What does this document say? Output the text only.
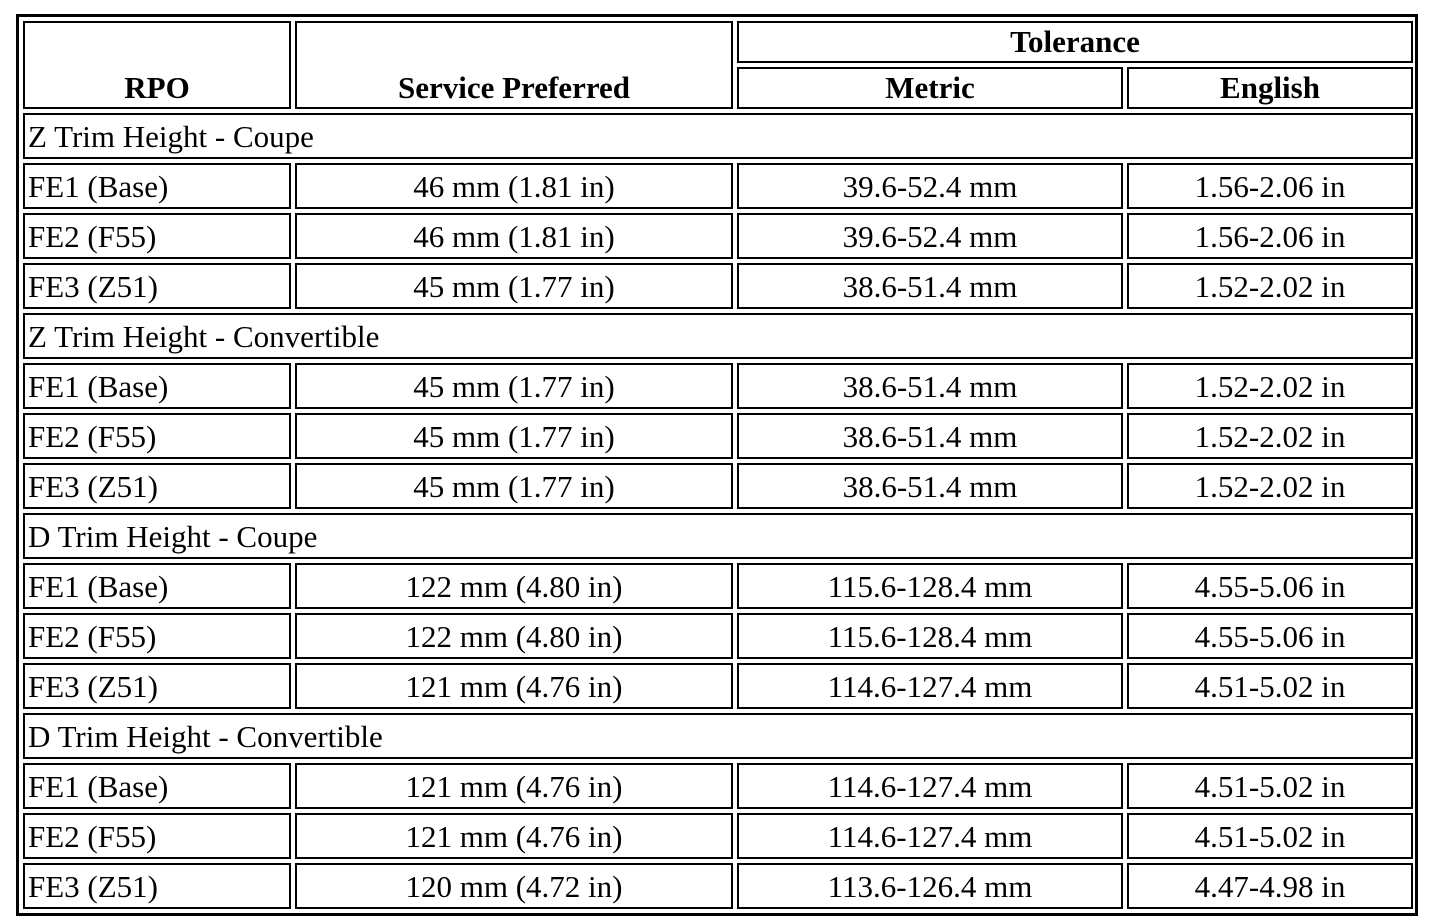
RPO	Service Preferred	Tolerance	
		Metric	English
Z Trim Height - Coupe			
FE1 (Base)	46 mm (1.81 in)	39.6-52.4 mm	1.56-2.06 in
FE2 (F55)	46 mm (1.81 in)	39.6-52.4 mm	1.56-2.06 in
FE3 (Z51)	45 mm (1.77 in)	38.6-51.4 mm	1.52-2.02 in
Z Trim Height - Convertible			
FE1 (Base)	45 mm (1.77 in)	38.6-51.4 mm	1.52-2.02 in
FE2 (F55)	45 mm (1.77 in)	38.6-51.4 mm	1.52-2.02 in
FE3 (Z51)	45 mm (1.77 in)	38.6-51.4 mm	1.52-2.02 in
D Trim Height - Coupe			
FE1 (Base)	122 mm (4.80 in)	115.6-128.4 mm	4.55-5.06 in
FE2 (F55)	122 mm (4.80 in)	115.6-128.4 mm	4.55-5.06 in
FE3 (Z51)	121 mm (4.76 in)	114.6-127.4 mm	4.51-5.02 in
D Trim Height - Convertible			
FE1 (Base)	121 mm (4.76 in)	114.6-127.4 mm	4.51-5.02 in
FE2 (F55)	121 mm (4.76 in)	114.6-127.4 mm	4.51-5.02 in
FE3 (Z51)	120 mm (4.72 in)	113.6-126.4 mm	4.47-4.98 in
